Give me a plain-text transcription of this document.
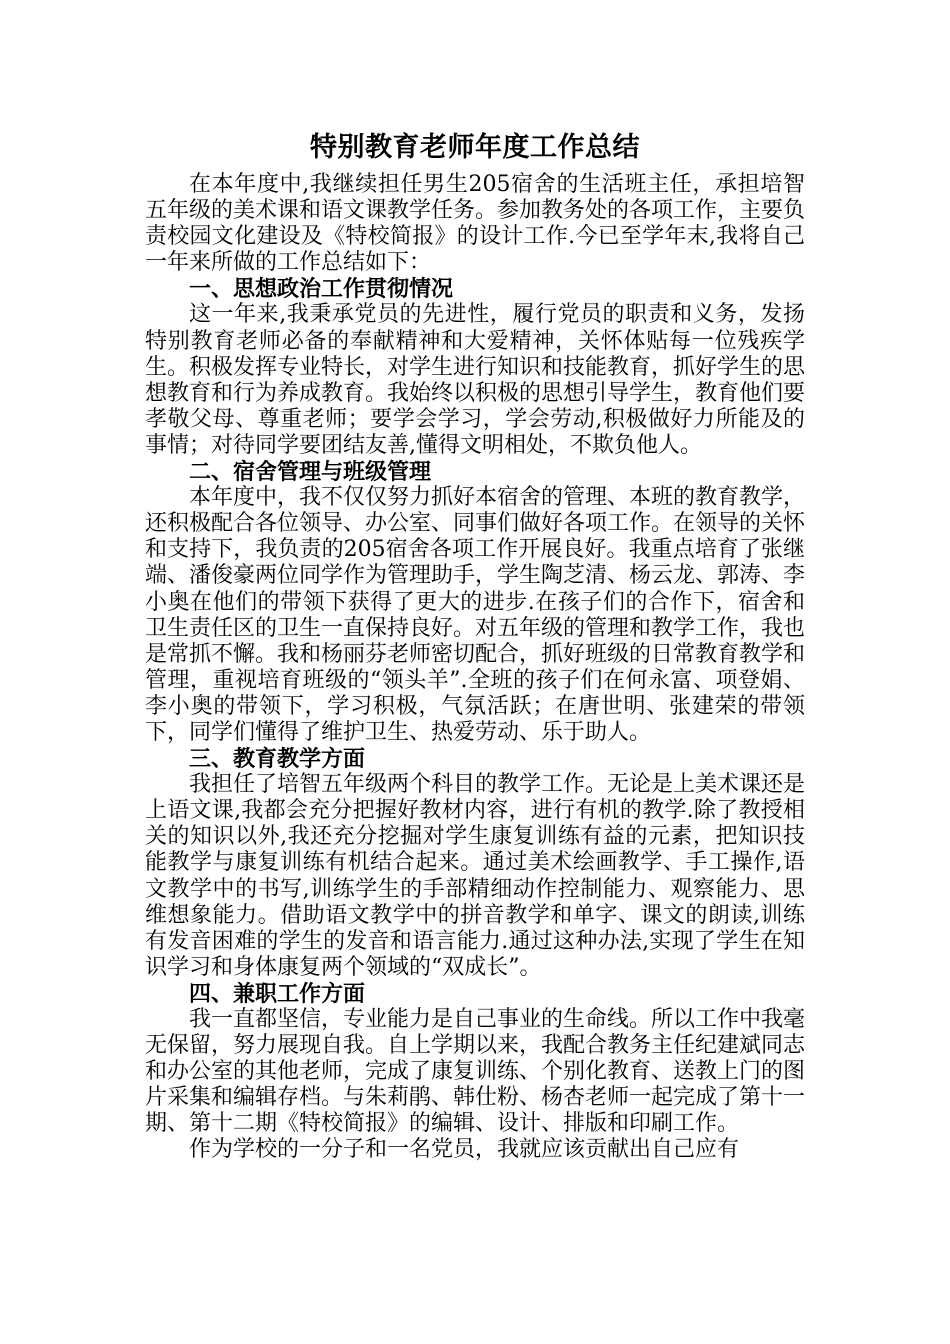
特别教育老师年度工作总结

在本年度中,我继续担任男生205宿舍的生活班主任，承担培智五年级的美术课和语文课教学任务。参加教务处的各项工作，主要负责校园文化建设及《特校简报》的设计工作.今已至学年末,我将自己一年来所做的工作总结如下：

一、思想政治工作贯彻情况

这一年来,我秉承党员的先进性，履行党员的职责和义务，发扬特别教育老师必备的奉献精神和大爱精神，关怀体贴每一位残疾学生。积极发挥专业特长，对学生进行知识和技能教育，抓好学生的思想教育和行为养成教育。我始终以积极的思想引导学生，教育他们要孝敬父母、尊重老师；要学会学习，学会劳动,积极做好力所能及的事情；对待同学要团结友善,懂得文明相处，不欺负他人。

二、宿舍管理与班级管理

本年度中，我不仅仅努力抓好本宿舍的管理、本班的教育教学，还积极配合各位领导、办公室、同事们做好各项工作。在领导的关怀和支持下，我负责的205宿舍各项工作开展良好。我重点培育了张继端、潘俊豪两位同学作为管理助手，学生陶芝清、杨云龙、郭涛、李小奥在他们的带领下获得了更大的进步.在孩子们的合作下，宿舍和卫生责任区的卫生一直保持良好。对五年级的管理和教学工作，我也是常抓不懈。我和杨丽芬老师密切配合，抓好班级的日常教育教学和管理，重视培育班级的“领头羊”.全班的孩子们在何永富、项登娟、李小奥的带领下，学习积极，气氛活跃；在唐世明、张建荣的带领下，同学们懂得了维护卫生、热爱劳动、乐于助人。

三、教育教学方面

我担任了培智五年级两个科目的教学工作。无论是上美术课还是上语文课,我都会充分把握好教材内容，进行有机的教学.除了教授相关的知识以外,我还充分挖掘对学生康复训练有益的元素，把知识技能教学与康复训练有机结合起来。通过美术绘画教学、手工操作,语文教学中的书写,训练学生的手部精细动作控制能力、观察能力、思维想象能力。借助语文教学中的拼音教学和单字、课文的朗读,训练有发音困难的学生的发音和语言能力.通过这种办法,实现了学生在知识学习和身体康复两个领域的“双成长”。

四、兼职工作方面

我一直都坚信，专业能力是自己事业的生命线。所以工作中我毫无保留，努力展现自我。自上学期以来，我配合教务主任纪建斌同志和办公室的其他老师，完成了康复训练、个别化教育、送教上门的图片采集和编辑存档。与朱莉鹃、韩仕粉、杨杏老师一起完成了第十一期、第十二期《特校简报》的编辑、设计、排版和印刷工作。

作为学校的一分子和一名党员，我就应该贡献出自己应有
